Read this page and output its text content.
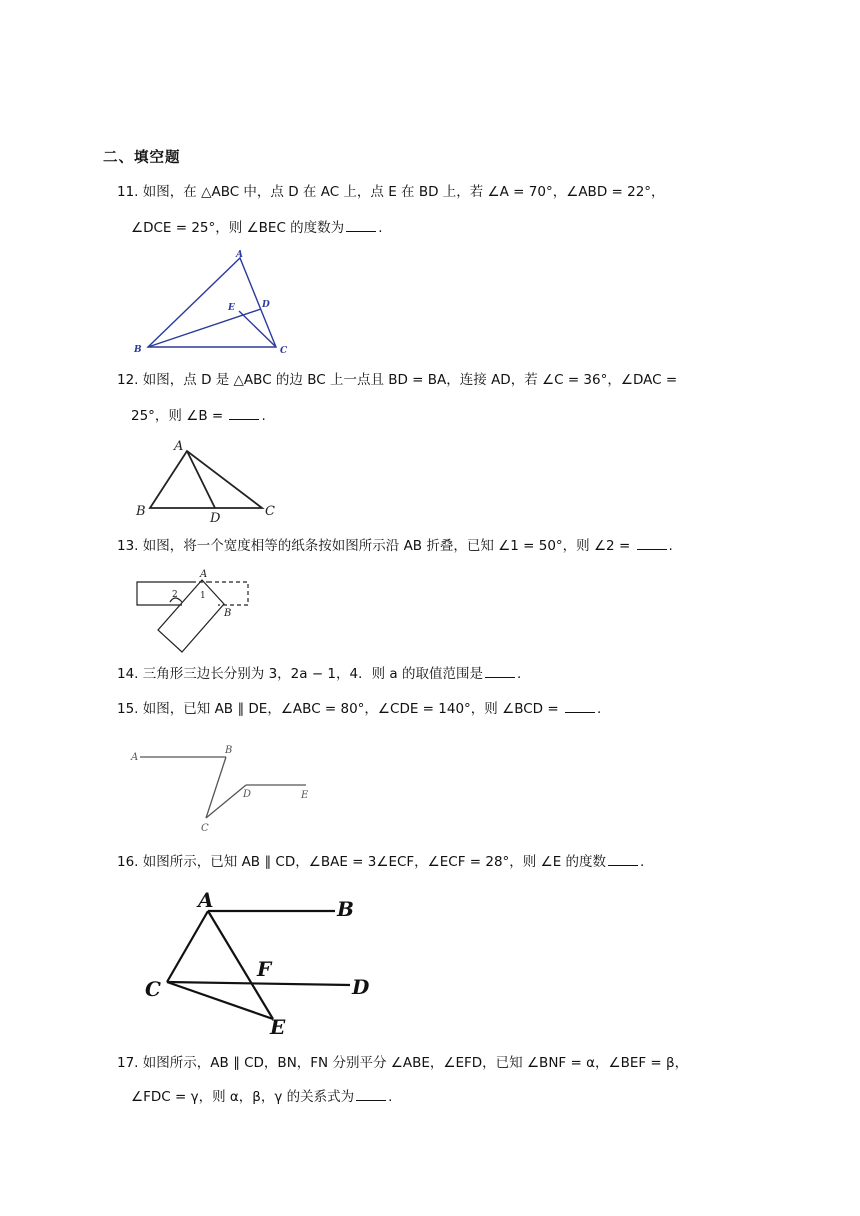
二、填空题
11. 如图，在 △ABC 中，点 D 在 AC 上，点 E 在 BD 上，若 ∠A = 70°，∠ABD = 22°，
∠DCE = 25°，则 ∠BEC 的度数为	.
A
B	C
D
E
12. 如图，点 D 是 △ABC 的边 BC 上一点且 BD = BA，连接 AD，若 ∠C = 36°，∠DAC =
25°，则 ∠B =	.
A
B	C
D
13. 如图，将一个宽度相等的纸条按如图所示沿 AB 折叠，已知 ∠1 = 50°，则 ∠2 =	.
A
B
1
2
14. 三角形三边长分别为 3，2a − 1，4．则 a 的取值范围是	.
15. 如图，已知 AB ∥ DE，∠ABC = 80°，∠CDE = 140°，则 ∠BCD =	.
A
B
C
D	E
16. 如图所示，已知 AB ∥ CD，∠BAE = 3∠ECF，∠ECF = 28°，则 ∠E 的度数	.
A	B
C	D
E
F
17. 如图所示，AB ∥ CD，BN，FN 分别平分 ∠ABE，∠EFD，已知 ∠BNF = α，∠BEF = β，
∠FDC = γ，则 α，β，γ 的关系式为	.
